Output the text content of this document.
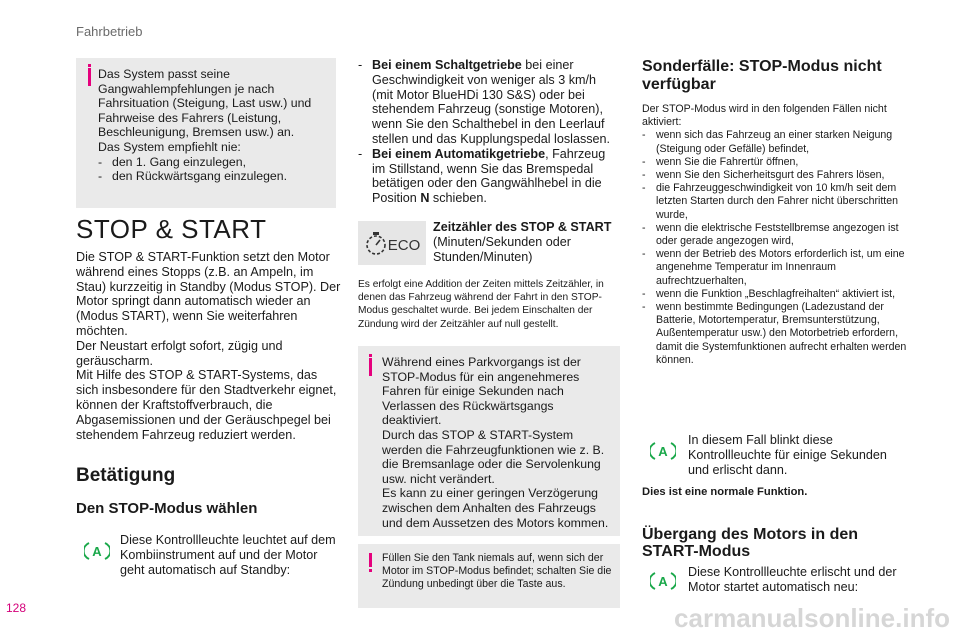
Fahrbetrieb
128
Das System passt seine Gangwahlempfehlungen je nach Fahrsituation (Steigung, Last usw.) und Fahrweise des Fahrers (Leistung, Beschleunigung, Bremsen usw.) an.
Das System empfiehlt nie:
- den 1. Gang einzulegen,
- den Rückwärtsgang einzulegen.
STOP & START
Die STOP & START-Funktion setzt den Motor während eines Stopps (z.B. an Ampeln, im Stau) kurzzeitig in Standby (Modus STOP). Der Motor springt dann automatisch wieder an (Modus START), wenn Sie weiterfahren möchten.
Der Neustart erfolgt sofort, zügig und geräuscharm.
Mit Hilfe des STOP & START-Systems, das sich insbesondere für den Stadtverkehr eignet, können der Kraftstoffverbrauch, die Abgasemissionen und der Geräuschpegel bei stehendem Fahrzeug reduziert werden.
Betätigung
Den STOP-Modus wählen
A
Diese Kontrollleuchte leuchtet auf dem Kombiinstrument auf und der Motor geht automatisch auf Standby:
- Bei einem Schaltgetriebe bei einer Geschwindigkeit von weniger als 3 km/h (mit Motor BlueHDi 130 S&S) oder bei stehendem Fahrzeug (sonstige Motoren), wenn Sie den Schalthebel in den Leerlauf stellen und das Kupplungspedal loslassen.
- Bei einem Automatikgetriebe, Fahrzeug im Stillstand, wenn Sie das Bremspedal betätigen oder den Gangwählhebel in die Position N schieben.
ECO
Zeitzähler des STOP & START
(Minuten/Sekunden oder Stunden/Minuten)
Es erfolgt eine Addition der Zeiten mittels Zeitzähler, in denen das Fahrzeug während der Fahrt in den STOP-Modus geschaltet wurde. Bei jedem Einschalten der Zündung wird der Zeitzähler auf null gestellt.
Während eines Parkvorgangs ist der STOP-Modus für ein angenehmeres Fahren für einige Sekunden nach Verlassen des Rückwärtsgangs deaktiviert.
Durch das STOP & START-System werden die Fahrzeugfunktionen wie z. B. die Bremsanlage oder die Servolenkung usw. nicht verändert.
Es kann zu einer geringen Verzögerung zwischen dem Anhalten des Fahrzeugs und dem Aussetzen des Motors kommen.
Füllen Sie den Tank niemals auf, wenn sich der Motor im STOP-Modus befindet; schalten Sie die Zündung unbedingt über die Taste aus.
Sonderfälle: STOP-Modus nicht verfügbar
Der STOP-Modus wird in den folgenden Fällen nicht aktiviert:
- wenn sich das Fahrzeug an einer starken Neigung (Steigung oder Gefälle) befindet,
- wenn Sie die Fahrertür öffnen,
- wenn Sie den Sicherheitsgurt des Fahrers lösen,
- die Fahrzeuggeschwindigkeit von 10 km/h seit dem letzten Starten durch den Fahrer nicht überschritten wurde,
- wenn die elektrische Feststellbremse angezogen ist oder gerade angezogen wird,
- wenn der Betrieb des Motors erforderlich ist, um eine angenehme Temperatur im Innenraum aufrechtzuerhalten,
- wenn die Funktion „Beschlagfreihalten“ aktiviert ist,
- wenn bestimmte Bedingungen (Ladezustand der Batterie, Motortemperatur, Bremsunterstützung, Außentemperatur usw.) den Motorbetrieb erfordern, damit die Systemfunktionen aufrecht erhalten werden können.
A
In diesem Fall blinkt diese Kontrollleuchte für einige Sekunden und erlischt dann.
Dies ist eine normale Funktion.
Übergang des Motors in den START-Modus
A
Diese Kontrollleuchte erlischt und der Motor startet automatisch neu:
carmanualsonline.info
